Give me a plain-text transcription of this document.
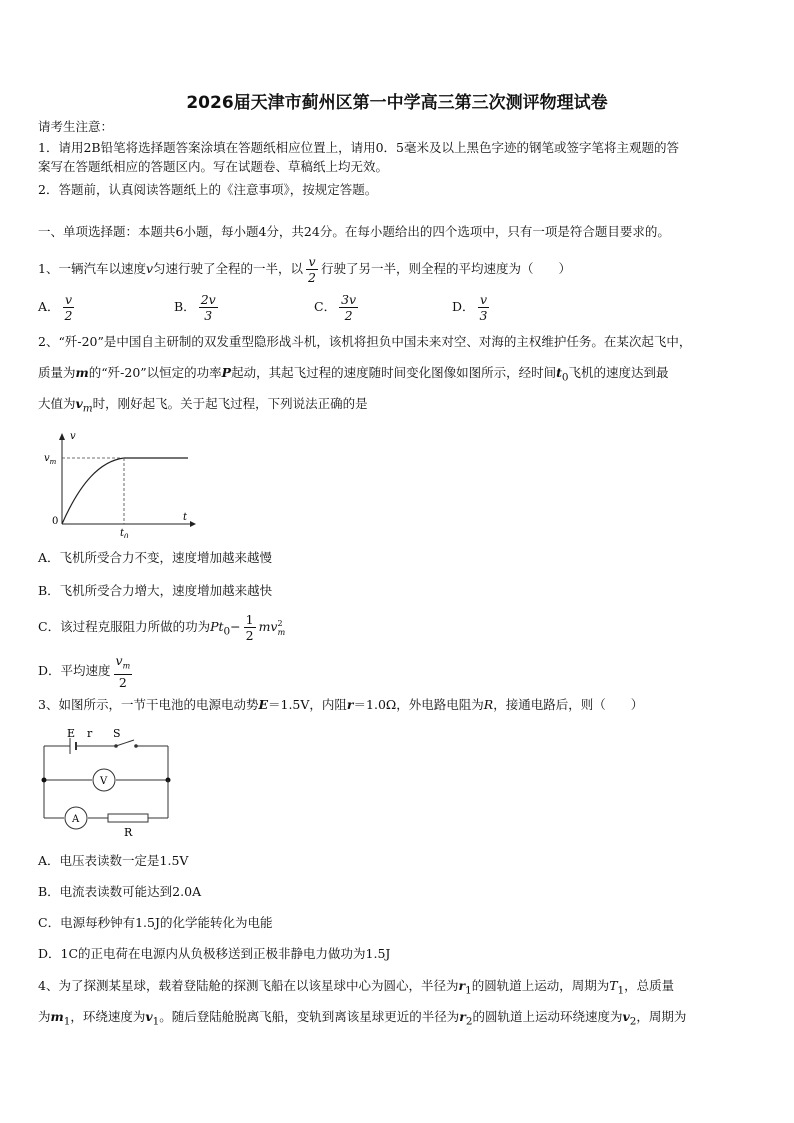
2026届天津市蓟州区第一中学高三第三次测评物理试卷
请考生注意：
1．请用2B铅笔将选择题答案涂填在答题纸相应位置上，请用0．5毫米及以上黑色字迹的钢笔或签字笔将主观题的答
案写在答题纸相应的答题区内。写在试题卷、草稿纸上均无效。
2．答题前，认真阅读答题纸上的《注意事项》，按规定答题。
一、单项选择题：本题共6小题，每小题4分，共24分。在每小题给出的四个选项中，只有一项是符合题目要求的。
1、一辆汽车以速度v匀速行驶了全程的一半，以 $\frac{v}{2}$ 行驶了另一半，则全程的平均速度为（　　）
A． $\frac{v}{2}$	B． $\frac{2v}{3}$	C． $\frac{3v}{2}$	D． $\frac{v}{3}$
2、“歼-20”是中国自主研制的双发重型隐形战斗机，该机将担负中国未来对空、对海的主权维护任务。在某次起飞中，
质量为m的“歼-20”以恒定的功率P起动，其起飞过程的速度随时间变化图像如图所示，经时间$t_0$飞机的速度达到最
大值为$v_m$时，刚好起飞。关于起飞过程，下列说法正确的是
v
t
$v_m$
$t_0$
0
A．飞机所受合力不变，速度增加越来越慢
B．飞机所受合力增大，速度增加越来越快
C．该过程克服阻力所做的功为$Pt_0- \frac{1}{2} mv^2_m$
D．平均速度 $\frac{v_m}{2}$
3、如图所示，一节干电池的电源电动势E＝1.5V，内阻r＝1.0Ω，外电路电阻为R，接通电路后，则（　　）
E r S
V
A
R
A．电压表读数一定是1.5V
B．电流表读数可能达到2.0A
C．电源每秒钟有1.5J的化学能转化为电能
D．1C的正电荷在电源内从负极移送到正极非静电力做功为1.5J
4、为了探测某星球，载着登陆舱的探测飞船在以该星球中心为圆心，半径为$r_1$的圆轨道上运动，周期为$T_1$，总质量
为$m_1$，环绕速度为$v_1$。随后登陆舱脱离飞船，变轨到离该星球更近的半径为$r_2$的圆轨道上运动环绕速度为$v_2$，周期为
